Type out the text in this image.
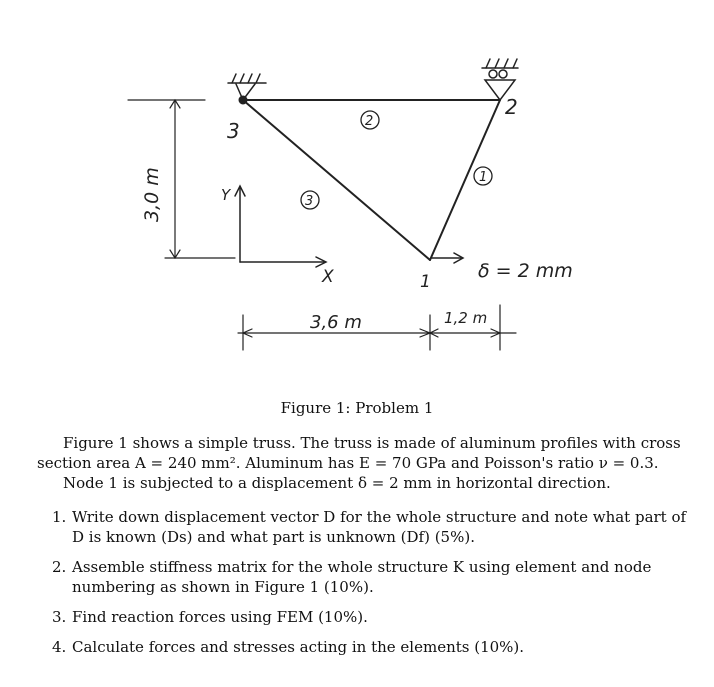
3,0 m
3
2
1
2
1
3
Y
X	δ = 2 mm
3,6 m	1,2 m
Figure 1: Problem 1
Figure 1 shows a simple truss. The truss is made of aluminum profiles with cross section area A = 240 mm². Aluminum has E = 70 GPa and Poisson's ratio ν = 0.3.
Node 1 is subjected to a displacement δ = 2 mm in horizontal direction.
1. Write down displacement vector D for the whole structure and note what part of D is known (Ds) and what part is unknown (Df) (5%).
2. Assemble stiffness matrix for the whole structure K using element and node numbering as shown in Figure 1 (10%).
3. Find reaction forces using FEM (10%).
4. Calculate forces and stresses acting in the elements (10%).
